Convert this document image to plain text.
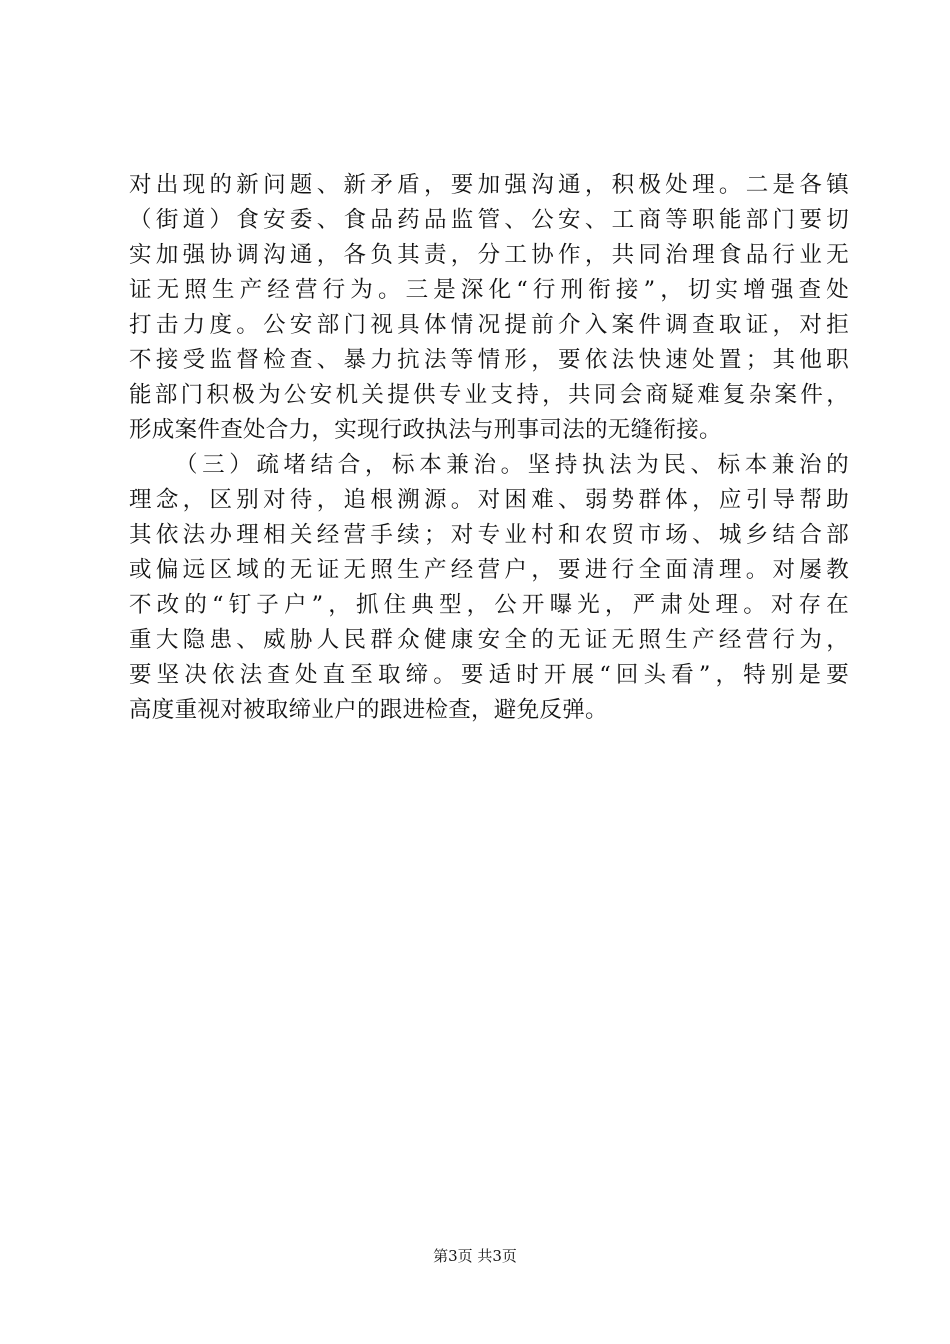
对出现的新问题、新矛盾，要加强沟通，积极处理。二是各镇
（街道）食安委、食品药品监管、公安、工商等职能部门要切
实加强协调沟通，各负其责，分工协作，共同治理食品行业无
证无照生产经营行为。三是深化“行刑衔接”，切实增强查处
打击力度。公安部门视具体情况提前介入案件调查取证，对拒
不接受监督检查、暴力抗法等情形，要依法快速处置；其他职
能部门积极为公安机关提供专业支持，共同会商疑难复杂案件，
形成案件查处合力，实现行政执法与刑事司法的无缝衔接。
（三）疏堵结合，标本兼治。坚持执法为民、标本兼治的
理念，区别对待，追根溯源。对困难、弱势群体，应引导帮助
其依法办理相关经营手续；对专业村和农贸市场、城乡结合部
或偏远区域的无证无照生产经营户，要进行全面清理。对屡教
不改的“钉子户”，抓住典型，公开曝光，严肃处理。对存在
重大隐患、威胁人民群众健康安全的无证无照生产经营行为，
要坚决依法查处直至取缔。要适时开展“回头看”，特别是要
高度重视对被取缔业户的跟进检查，避免反弹。
第3页 共3页
